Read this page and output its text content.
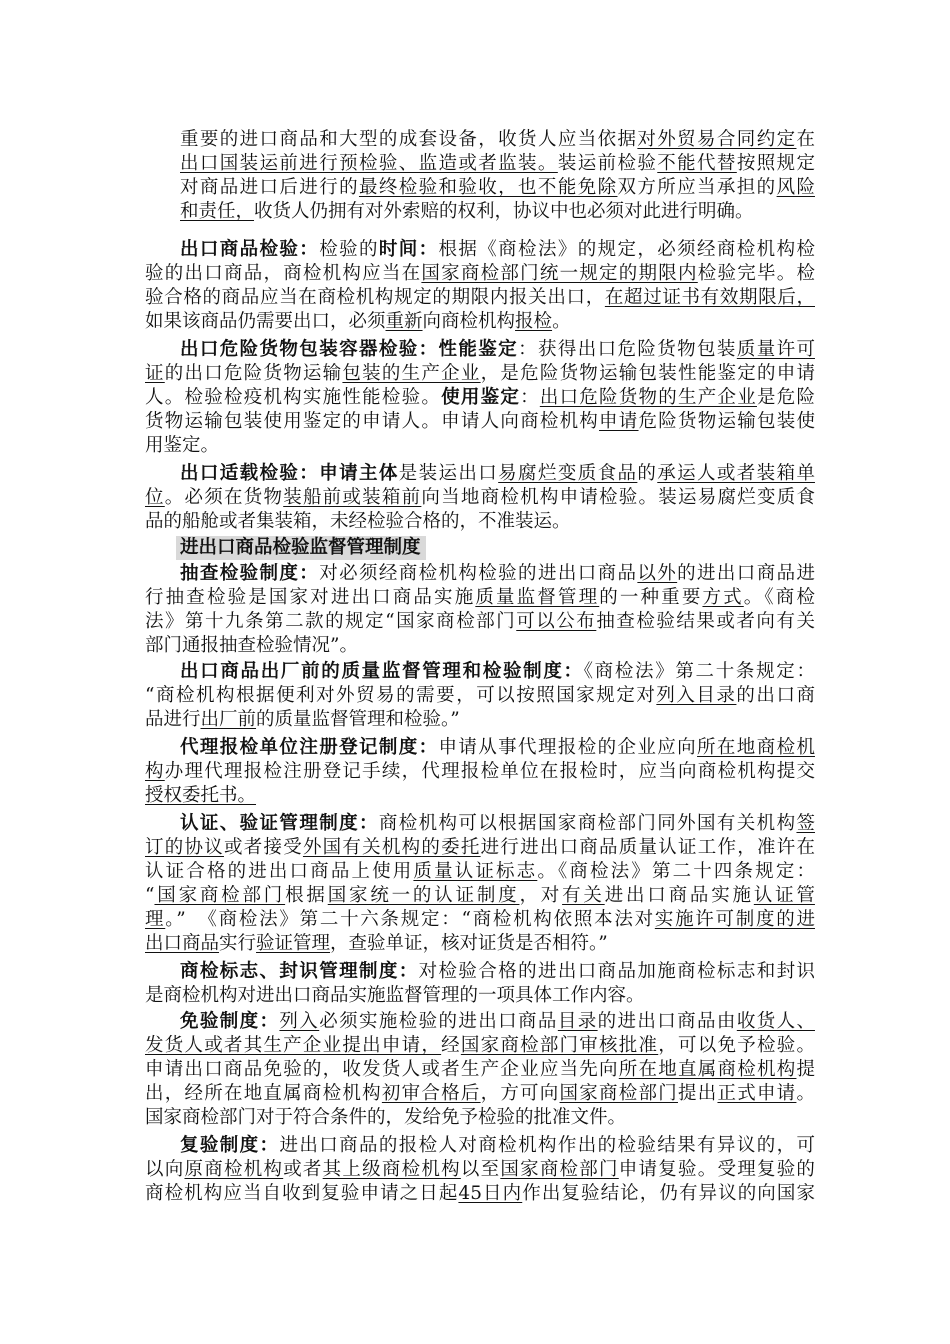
重要的进口商品和大型的成套设备，收货人应当依据对外贸易合同约定在
出口国装运前进行预检验、监造或者监装。装运前检验不能代替按照规定
对商品进口后进行的最终检验和验收，也不能免除双方所应当承担的风险
和责任，收货人仍拥有对外索赔的权利，协议中也必须对此进行明确。
出口商品检验：检验的时间：根据《商检法》的规定，必须经商检机构检
验的出口商品，商检机构应当在国家商检部门统一规定的期限内检验完毕。检
验合格的商品应当在商检机构规定的期限内报关出口，在超过证书有效期限后，
如果该商品仍需要出口，必须重新向商检机构报检。
出口危险货物包装容器检验：性能鉴定：获得出口危险货物包装质量许可
证的出口危险货物运输包装的生产企业，是危险货物运输包装性能鉴定的申请
人。检验检疫机构实施性能检验。使用鉴定：出口危险货物的生产企业是危险
货物运输包装使用鉴定的申请人。申请人向商检机构申请危险货物运输包装使
用鉴定。
出口适载检验：申请主体是装运出口易腐烂变质食品的承运人或者装箱单
位。必须在货物装船前或装箱前向当地商检机构申请检验。装运易腐烂变质食
品的船舱或者集装箱，未经检验合格的，不准装运。
进出口商品检验监督管理制度
抽查检验制度：对必须经商检机构检验的进出口商品以外的进出口商品进
行抽查检验是国家对进出口商品实施质量监督管理的一种重要方式。《商检
法》第十九条第二款的规定“国家商检部门可以公布抽查检验结果或者向有关
部门通报抽查检验情况”。
出口商品出厂前的质量监督管理和检验制度：《商检法》第二十条规定：
“商检机构根据便利对外贸易的需要，可以按照国家规定对列入目录的出口商
品进行出厂前的质量监督管理和检验。”
代理报检单位注册登记制度：申请从事代理报检的企业应向所在地商检机
构办理代理报检注册登记手续，代理报检单位在报检时，应当向商检机构提交
授权委托书。
认证、验证管理制度：商检机构可以根据国家商检部门同外国有关机构签
订的协议或者接受外国有关机构的委托进行进出口商品质量认证工作，准许在
认证合格的进出口商品上使用质量认证标志。《商检法》第二十四条规定：
“国家商检部门根据国家统一的认证制度，对有关进出口商品实施认证管
理。”　《商检法》第二十六条规定：“商检机构依照本法对实施许可制度的进
出口商品实行验证管理，查验单证，核对证货是否相符。”
商检标志、封识管理制度：对检验合格的进出口商品加施商检标志和封识
是商检机构对进出口商品实施监督管理的一项具体工作内容。
免验制度：列入必须实施检验的进出口商品目录的进出口商品由收货人、
发货人或者其生产企业提出申请，经国家商检部门审核批准，可以免予检验。
申请出口商品免验的，收发货人或者生产企业应当先向所在地直属商检机构提
出，经所在地直属商检机构初审合格后，方可向国家商检部门提出正式申请。
国家商检部门对于符合条件的，发给免予检验的批准文件。
复验制度：进出口商品的报检人对商检机构作出的检验结果有异议的，可
以向原商检机构或者其上级商检机构以至国家商检部门申请复验。受理复验的
商检机构应当自收到复验申请之日起45日内作出复验结论，仍有异议的向国家
